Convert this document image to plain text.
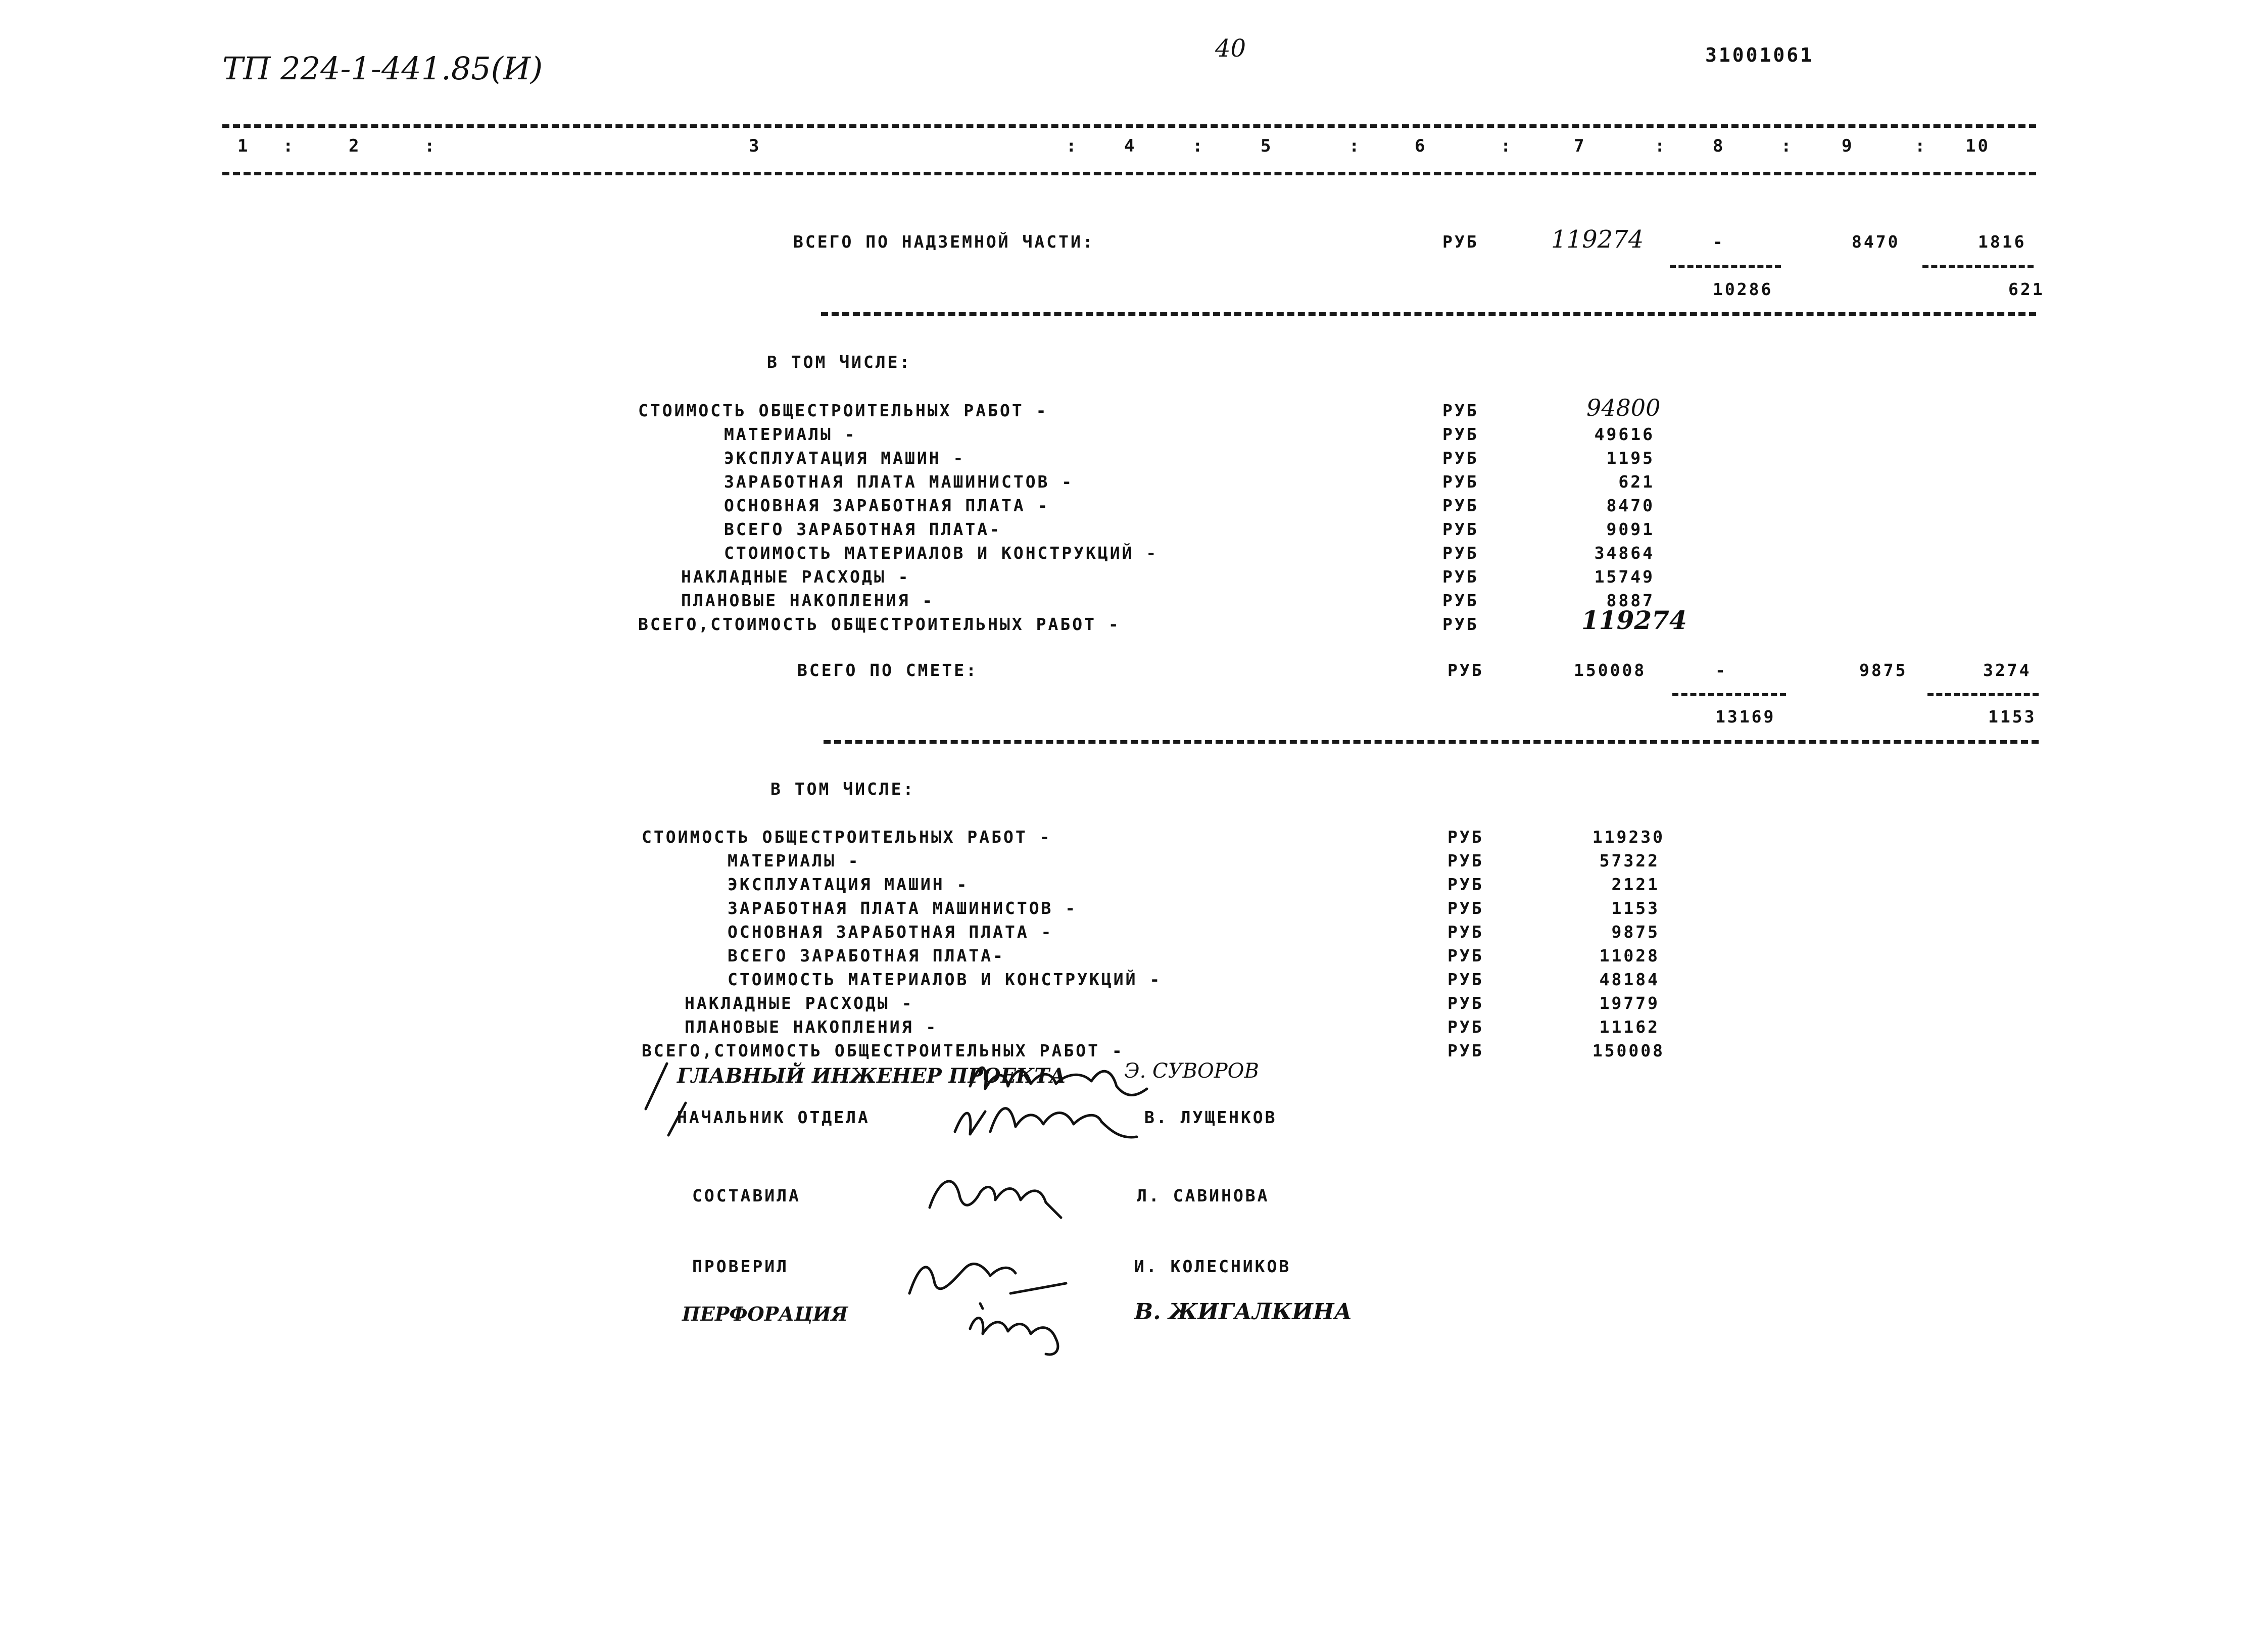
ТП 224-1-441.85(И)
40	31001061
1 :	2	:	3	:	4	:	5	:	6	:	7	:	8	:	9	: 10
ВСЕГО ПО НАДЗЕМНОЙ ЧАСТИ:	РУБ	119274	-	8470	1816
10286	621
В ТОМ ЧИСЛЕ:
СТОИМОСТЬ ОБЩЕСТРОИТЕЛЬНЫХ РАБОТ -	РУБ	94800
МАТЕРИАЛЫ -	РУБ	49616
ЭКСПЛУАТАЦИЯ МАШИН -	РУБ	1195
ЗАРАБОТНАЯ ПЛАТА МАШИНИСТОВ -	РУБ	621
ОСНОВНАЯ ЗАРАБОТНАЯ ПЛАТА -	РУБ	8470
ВСЕГО ЗАРАБОТНАЯ ПЛАТА-	РУБ	9091
СТОИМОСТЬ МАТЕРИАЛОВ И КОНСТРУКЦИЙ -	РУБ	34864
НАКЛАДНЫЕ РАСХОДЫ -	РУБ	15749
ПЛАНОВЫЕ НАКОПЛЕНИЯ -	РУБ	8887
ВСЕГО,СТОИМОСТЬ ОБЩЕСТРОИТЕЛЬНЫХ РАБОТ -	РУБ	119274
ВСЕГО ПО СМЕТЕ:	РУБ	150008	-	9875	3274
13169	1153
В ТОМ ЧИСЛЕ:
СТОИМОСТЬ ОБЩЕСТРОИТЕЛЬНЫХ РАБОТ -	РУБ	119230
МАТЕРИАЛЫ -	РУБ	57322
ЭКСПЛУАТАЦИЯ МАШИН -	РУБ	2121
ЗАРАБОТНАЯ ПЛАТА МАШИНИСТОВ -	РУБ	1153
ОСНОВНАЯ ЗАРАБОТНАЯ ПЛАТА -	РУБ	9875
ВСЕГО ЗАРАБОТНАЯ ПЛАТА-	РУБ	11028
СТОИМОСТЬ МАТЕРИАЛОВ И КОНСТРУКЦИЙ -	РУБ	48184
НАКЛАДНЫЕ РАСХОДЫ -	РУБ	19779
ПЛАНОВЫЕ НАКОПЛЕНИЯ -	РУБ	11162
ВСЕГО,СТОИМОСТЬ ОБЩЕСТРОИТЕЛЬНЫХ РАБОТ -	РУБ	150008
ГЛАВНЫЙ ИНЖЕНЕР ПРОЕКТА	Э. СУВОРОВ
НАЧАЛЬНИК ОТДЕЛА	В. ЛУЩЕНКОВ
СОСТАВИЛА	Л. САВИНОВА
ПРОВЕРИЛ	И. КОЛЕСНИКОВ
ПЕРФОРАЦИЯ	В. ЖИГАЛКИНА
